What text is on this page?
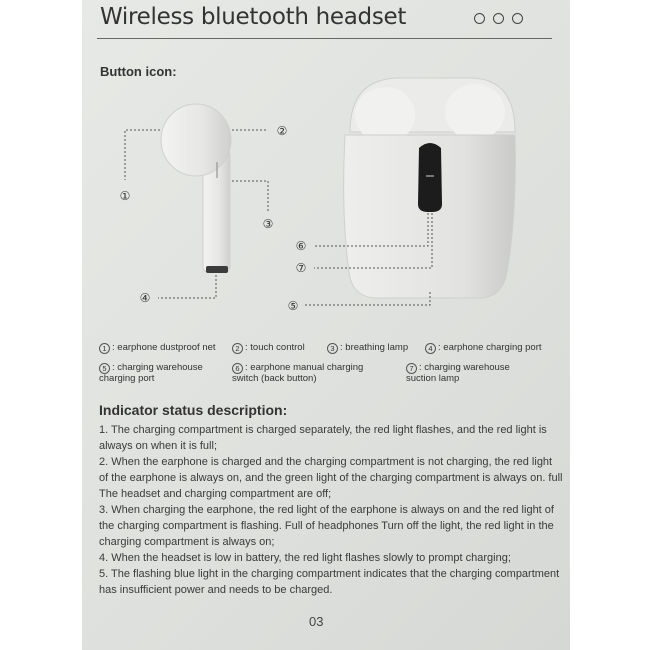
Wireless bluetooth headset
Button icon:
①
②
③
④
⑤
⑥
⑦
1 : earphone dustproof net	2 : touch control	3 : breathing lamp	4 : earphone charging port
5 : charging warehouse charging port
6 : earphone manual charging switch (back button)
7 : charging warehouse suction lamp
Indicator status description:

1. The charging compartment is charged separately, the red light flashes, and the red light is always on when it is full;

2. When the earphone is charged and the charging compartment is not charging, the red light of the earphone is always on, and the green light of the charging compartment is always on. full The headset and charging compartment are off;

3. When charging the earphone, the red light of the earphone is always on and the red light of the charging compartment is flashing. Full of headphones Turn off the light, the red light in the charging compartment is always on;

4. When the headset is low in battery, the red light flashes slowly to prompt charging;

5. The flashing blue light in the charging compartment indicates that the charging compartment has insufficient power and needs to be charged.

03
